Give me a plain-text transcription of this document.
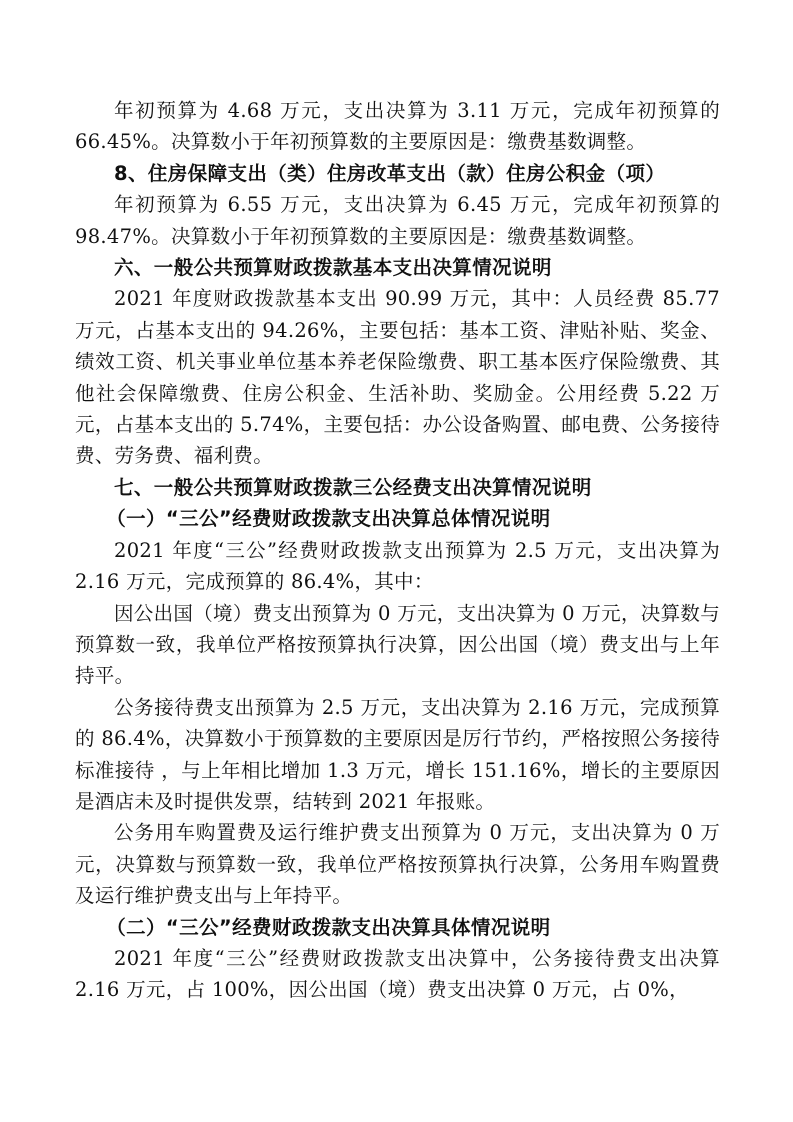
年初预算为 4.68 万元，支出决算为 3.11 万元，完成年初预算的66.45%。决算数小于年初预算数的主要原因是：缴费基数调整。

8、住房保障支出（类）住房改革支出（款）住房公积金（项）

年初预算为 6.55 万元，支出决算为 6.45 万元，完成年初预算的98.47%。决算数小于年初预算数的主要原因是：缴费基数调整。

六、一般公共预算财政拨款基本支出决算情况说明

2021 年度财政拨款基本支出 90.99 万元，其中：人员经费 85.77 万元，占基本支出的 94.26%，主要包括：基本工资、津贴补贴、奖金、绩效工资、机关事业单位基本养老保险缴费、职工基本医疗保险缴费、其他社会保障缴费、住房公积金、生活补助、奖励金。公用经费 5.22 万元，占基本支出的 5.74%，主要包括：办公设备购置、邮电费、公务接待费、劳务费、福利费。

七、一般公共预算财政拨款三公经费支出决算情况说明

（一）“三公”经费财政拨款支出决算总体情况说明

2021 年度“三公”经费财政拨款支出预算为 2.5 万元，支出决算为 2.16 万元，完成预算的 86.4%，其中：

因公出国（境）费支出预算为 0 万元，支出决算为 0 万元，决算数与预算数一致，我单位严格按预算执行决算，因公出国（境）费支出与上年持平。

公务接待费支出预算为 2.5 万元，支出决算为 2.16 万元，完成预算的 86.4%，决算数小于预算数的主要原因是厉行节约，严格按照公务接待标准接待 ，与上年相比增加 1.3 万元，增长 151.16%，增长的主要原因是酒店未及时提供发票，结转到 2021 年报账。

公务用车购置费及运行维护费支出预算为 0 万元，支出决算为 0 万元，决算数与预算数一致，我单位严格按预算执行决算，公务用车购置费及运行维护费支出与上年持平。

（二）“三公”经费财政拨款支出决算具体情况说明

2021 年度“三公”经费财政拨款支出决算中，公务接待费支出决算 2.16 万元，占 100%，因公出国（境）费支出决算 0 万元，占 0%，
